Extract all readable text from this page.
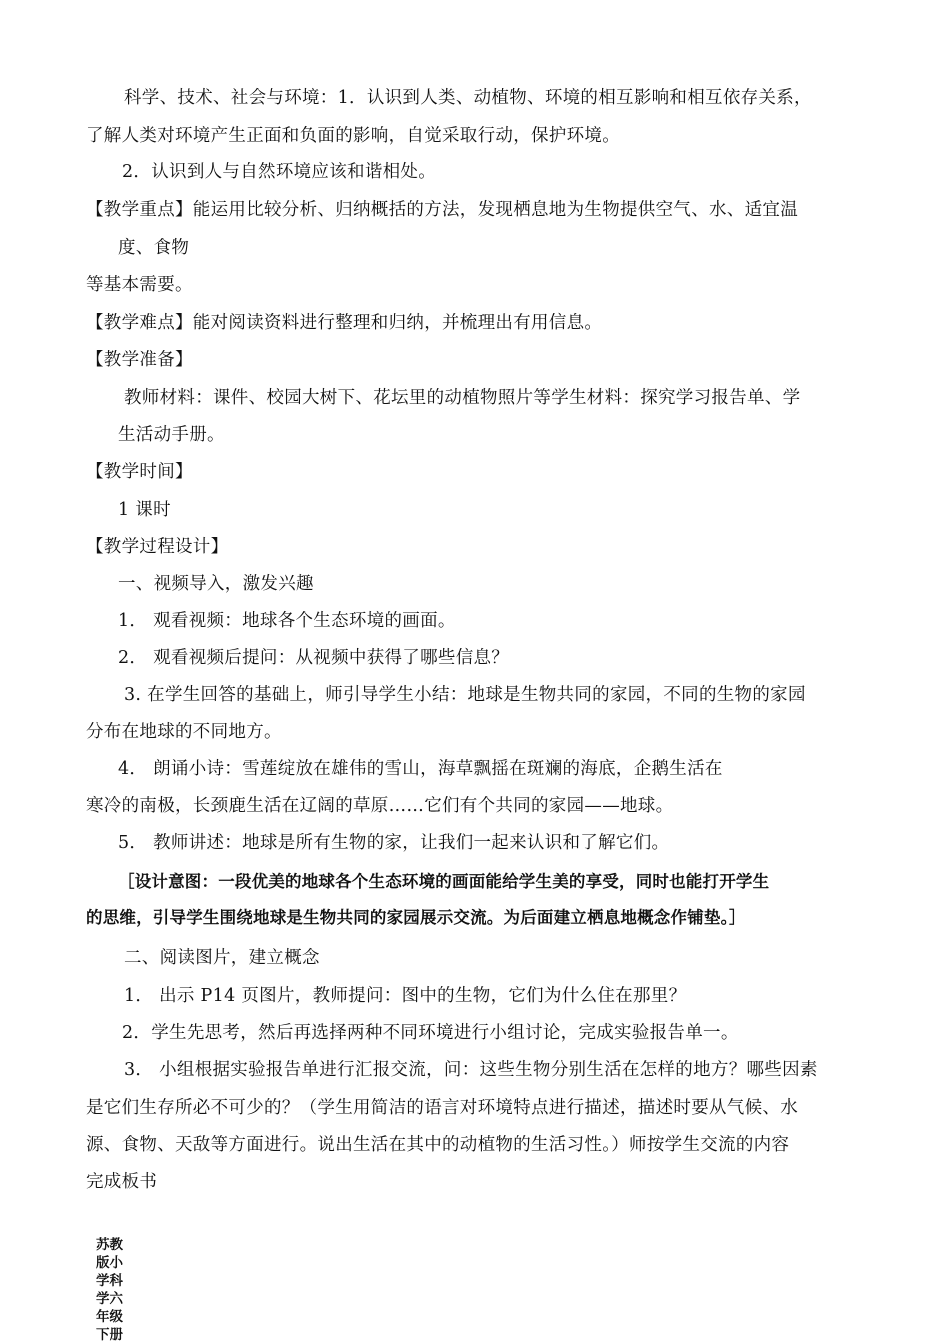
科学、技术、社会与环境：1．认识到人类、动植物、环境的相互影响和相互依存关系，
了解人类对环境产生正面和负面的影响，自觉采取行动，保护环境。
2．认识到人与自然环境应该和谐相处。
【教学重点】能运用比较分析、归纳概括的方法，发现栖息地为生物提供空气、水、适宜温
度、食物
等基本需要。
【教学难点】能对阅读资料进行整理和归纳，并梳理出有用信息。
【教学准备】
教师材料：课件、校园大树下、花坛里的动植物照片等学生材料：探究学习报告单、学
生活动手册。
【教学时间】
1 课时
【教学过程设计】
一、视频导入，激发兴趣
1． 观看视频：地球各个生态环境的画面。
2． 观看视频后提问：从视频中获得了哪些信息？
3. 在学生回答的基础上，师引导学生小结：地球是生物共同的家园，不同的生物的家园
分布在地球的不同地方。
4． 朗诵小诗：雪莲绽放在雄伟的雪山，海草飘摇在斑斓的海底，企鹅生活在
寒冷的南极，长颈鹿生活在辽阔的草原……它们有个共同的家园——地球。
5． 教师讲述：地球是所有生物的家，让我们一起来认识和了解它们。
［设计意图：一段优美的地球各个生态环境的画面能给学生美的享受，同时也能打开学生
的思维，引导学生围绕地球是生物共同的家园展示交流。为后面建立栖息地概念作铺垫。］
二、阅读图片，建立概念
1． 出示 P14 页图片，教师提问：图中的生物，它们为什么住在那里？
2．学生先思考，然后再选择两种不同环境进行小组讨论，完成实验报告单一。
3． 小组根据实验报告单进行汇报交流，问：这些生物分别生活在怎样的地方？哪些因素
是它们生存所必不可少的？（学生用简洁的语言对环境特点进行描述，描述时要从气候、水
源、食物、天敌等方面进行。说出生活在其中的动植物的生活习性。）师按学生交流的内容
完成板书
苏教
版小
学科
学六
年级
下册
